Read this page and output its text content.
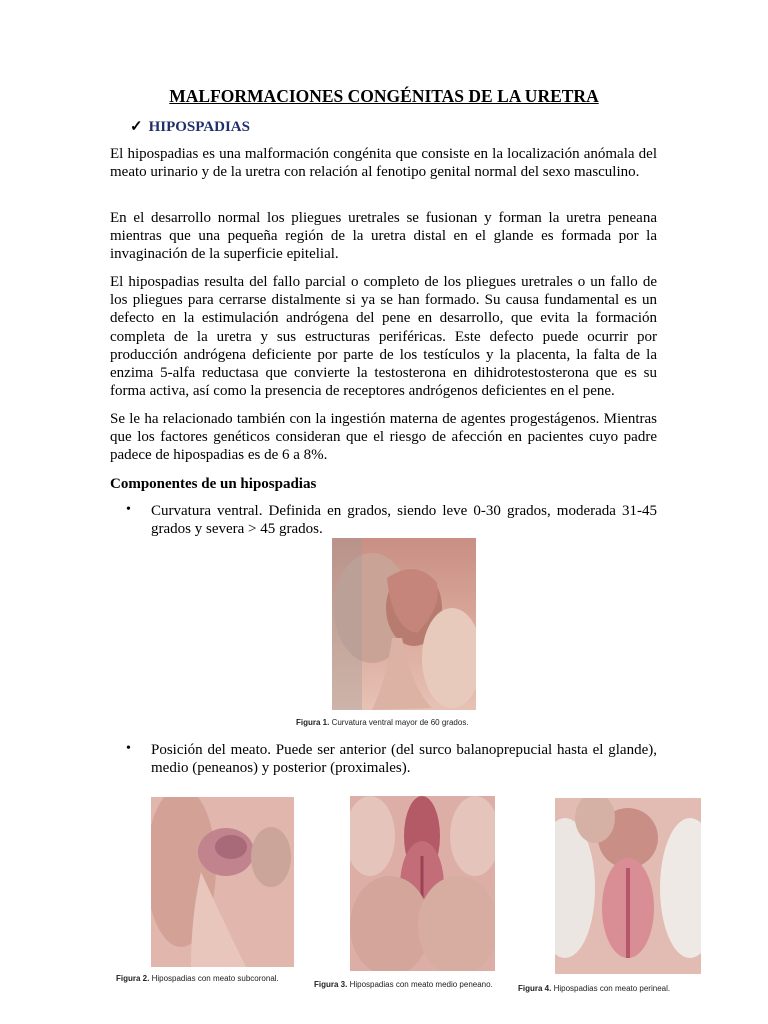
MALFORMACIONES CONGÉNITAS DE LA URETRA
✓ HIPOSPADIAS
El hipospadias es una malformación congénita que consiste en la localización anómala del meato urinario y de la uretra con relación al fenotipo genital normal del sexo masculino.
En el desarrollo normal los pliegues uretrales se fusionan y forman la uretra peneana mientras que una pequeña región de la uretra distal en el glande es formada por la invaginación de la superficie epitelial.
El hipospadias resulta del fallo parcial o completo de los pliegues uretrales o un fallo de los pliegues para cerrarse distalmente si ya se han formado. Su causa fundamental es un defecto en la estimulación andrógena del pene en desarrollo, que evita la formación completa de la uretra y sus estructuras periféricas. Este defecto puede ocurrir por producción andrógena deficiente por parte de los testículos y la placenta, la falta de la enzima 5-alfa reductasa que convierte la testosterona en dihidrotestosterona que es su forma activa, así como la presencia de receptores andrógenos deficientes en el pene.
Se le ha relacionado también con la ingestión materna de agentes progestágenos. Mientras que los factores genéticos consideran que el riesgo de afección en pacientes cuyo padre padece de hipospadias es de 6 a 8%.
Componentes de un hipospadias
• Curvatura ventral. Definida en grados, siendo leve 0-30 grados, moderada 31-45 grados y severa > 45 grados.
Figura 1. Curvatura ventral mayor de 60 grados.
• Posición del meato. Puede ser anterior (del surco balanoprepucial hasta el glande), medio (peneanos) y posterior (proximales).
Figura 2. Hipospadias con meato subcoronal.
Figura 3. Hipospadias con meato medio peneano.	Figura 4. Hipospadias con meato perineal.
